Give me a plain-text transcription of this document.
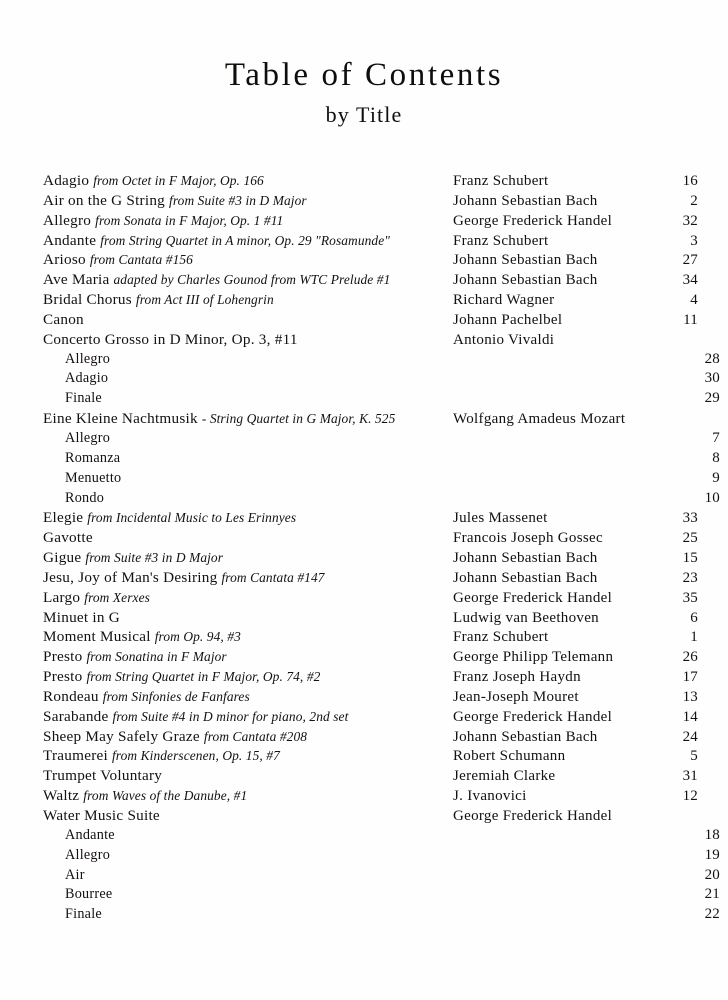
Table of Contents
by Title
Adagio from Octet in F Major, Op. 166	Franz Schubert	16
Air on the G String from Suite #3 in D Major	Johann Sebastian Bach	2
Allegro from Sonata in F Major, Op. 1 #11	George Frederick Handel	32
Andante from String Quartet in A minor, Op. 29 "Rosamunde"	Franz Schubert	3
Arioso from Cantata #156	Johann Sebastian Bach	27
Ave Maria adapted by Charles Gounod from WTC Prelude #1	Johann Sebastian Bach	34
Bridal Chorus from Act III of Lohengrin	Richard Wagner	4
Canon	Johann Pachelbel	11
Concerto Grosso in D Minor, Op. 3, #11	Antonio Vivaldi
Allegro	28
Adagio	30
Finale	29
Eine Kleine Nachtmusik - String Quartet in G Major, K. 525	Wolfgang Amadeus Mozart
Allegro	7
Romanza	8
Menuetto	9
Rondo	10
Elegie from Incidental Music to Les Erinnyes	Jules Massenet	33
Gavotte	Francois Joseph Gossec	25
Gigue from Suite #3 in D Major	Johann Sebastian Bach	15
Jesu, Joy of Man's Desiring from Cantata #147	Johann Sebastian Bach	23
Largo from Xerxes	George Frederick Handel	35
Minuet in G	Ludwig van Beethoven	6
Moment Musical from Op. 94, #3	Franz Schubert	1
Presto from Sonatina in F Major	George Philipp Telemann	26
Presto from String Quartet in F Major, Op. 74, #2	Franz Joseph Haydn	17
Rondeau from Sinfonies de Fanfares	Jean-Joseph Mouret	13
Sarabande from Suite #4 in D minor for piano, 2nd set	George Frederick Handel	14
Sheep May Safely Graze from Cantata #208	Johann Sebastian Bach	24
Traumerei from Kinderscenen, Op. 15, #7	Robert Schumann	5
Trumpet Voluntary	Jeremiah Clarke	31
Waltz from Waves of the Danube, #1	J. Ivanovici	12
Water Music Suite	George Frederick Handel
Andante	18
Allegro	19
Air	20
Bourree	21
Finale	22
